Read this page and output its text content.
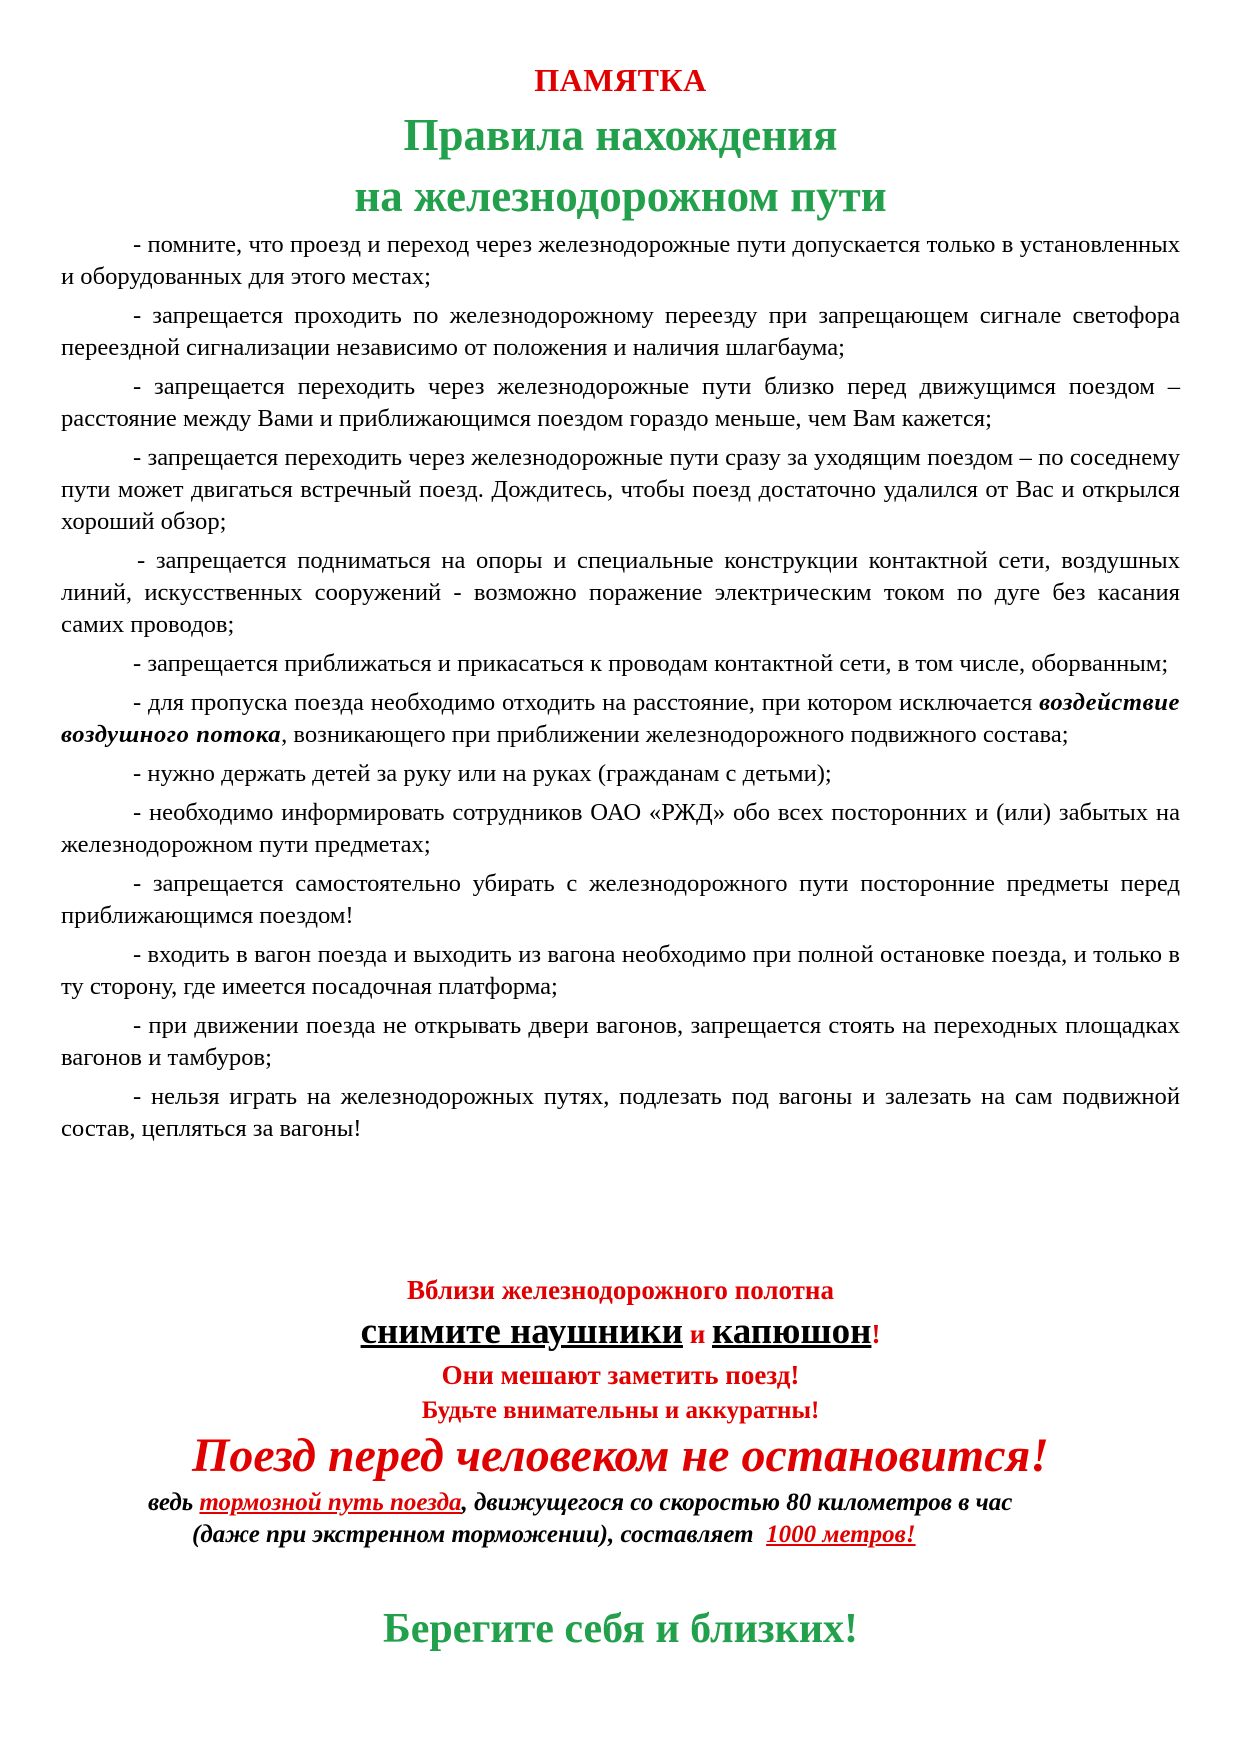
ПАМЯТКА
Правила нахождения
на железнодорожном пути

- помните, что проезд и переход через железнодорожные пути допускается только в установленных и оборудованных для этого местах;

- запрещается проходить по железнодорожному переезду при запрещающем сигнале светофора переездной сигнализации независимо от положения и наличия шлагбаума;

- запрещается переходить через железнодорожные пути близко перед движущимся поездом – расстояние между Вами и приближающимся поездом гораздо меньше, чем Вам кажется;

- запрещается переходить через железнодорожные пути сразу за уходящим поездом – по соседнему пути может двигаться встречный поезд. Дождитесь, чтобы поезд достаточно удалился от Вас и открылся хороший обзор;

- запрещается подниматься на опоры и специальные конструкции контактной сети, воздушных линий, искусственных сооружений - возможно поражение электрическим током по дуге без касания самих проводов;

- запрещается приближаться и прикасаться к проводам контактной сети, в том числе, оборванным;

- для пропуска поезда необходимо отходить на расстояние, при котором исключается воздействие воздушного потока, возникающего при приближении железнодорожного подвижного состава;

- нужно держать детей за руку или на руках (гражданам с детьми);

- необходимо информировать сотрудников ОАО «РЖД» обо всех посторонних и (или) забытых на железнодорожном пути предметах;

- запрещается самостоятельно убирать с железнодорожного пути посторонние предметы перед приближающимся поездом!

- входить в вагон поезда и выходить из вагона необходимо при полной остановке поезда, и только в ту сторону, где имеется посадочная платформа;

- при движении поезда не открывать двери вагонов, запрещается стоять на переходных площадках вагонов и тамбуров;

- нельзя играть на железнодорожных путях, подлезать под вагоны и залезать на сам подвижной состав, цепляться за вагоны!

Вблизи железнодорожного полотна
снимите наушники и капюшон!
Они мешают заметить поезд!
Будьте внимательны и аккуратны!
Поезд перед человеком не остановится!
ведь тормозной путь поезда, движущегося со скоростью 80 километров в час
(даже при экстренном торможении), составляет  1000 метров!
Берегите себя и близких!
